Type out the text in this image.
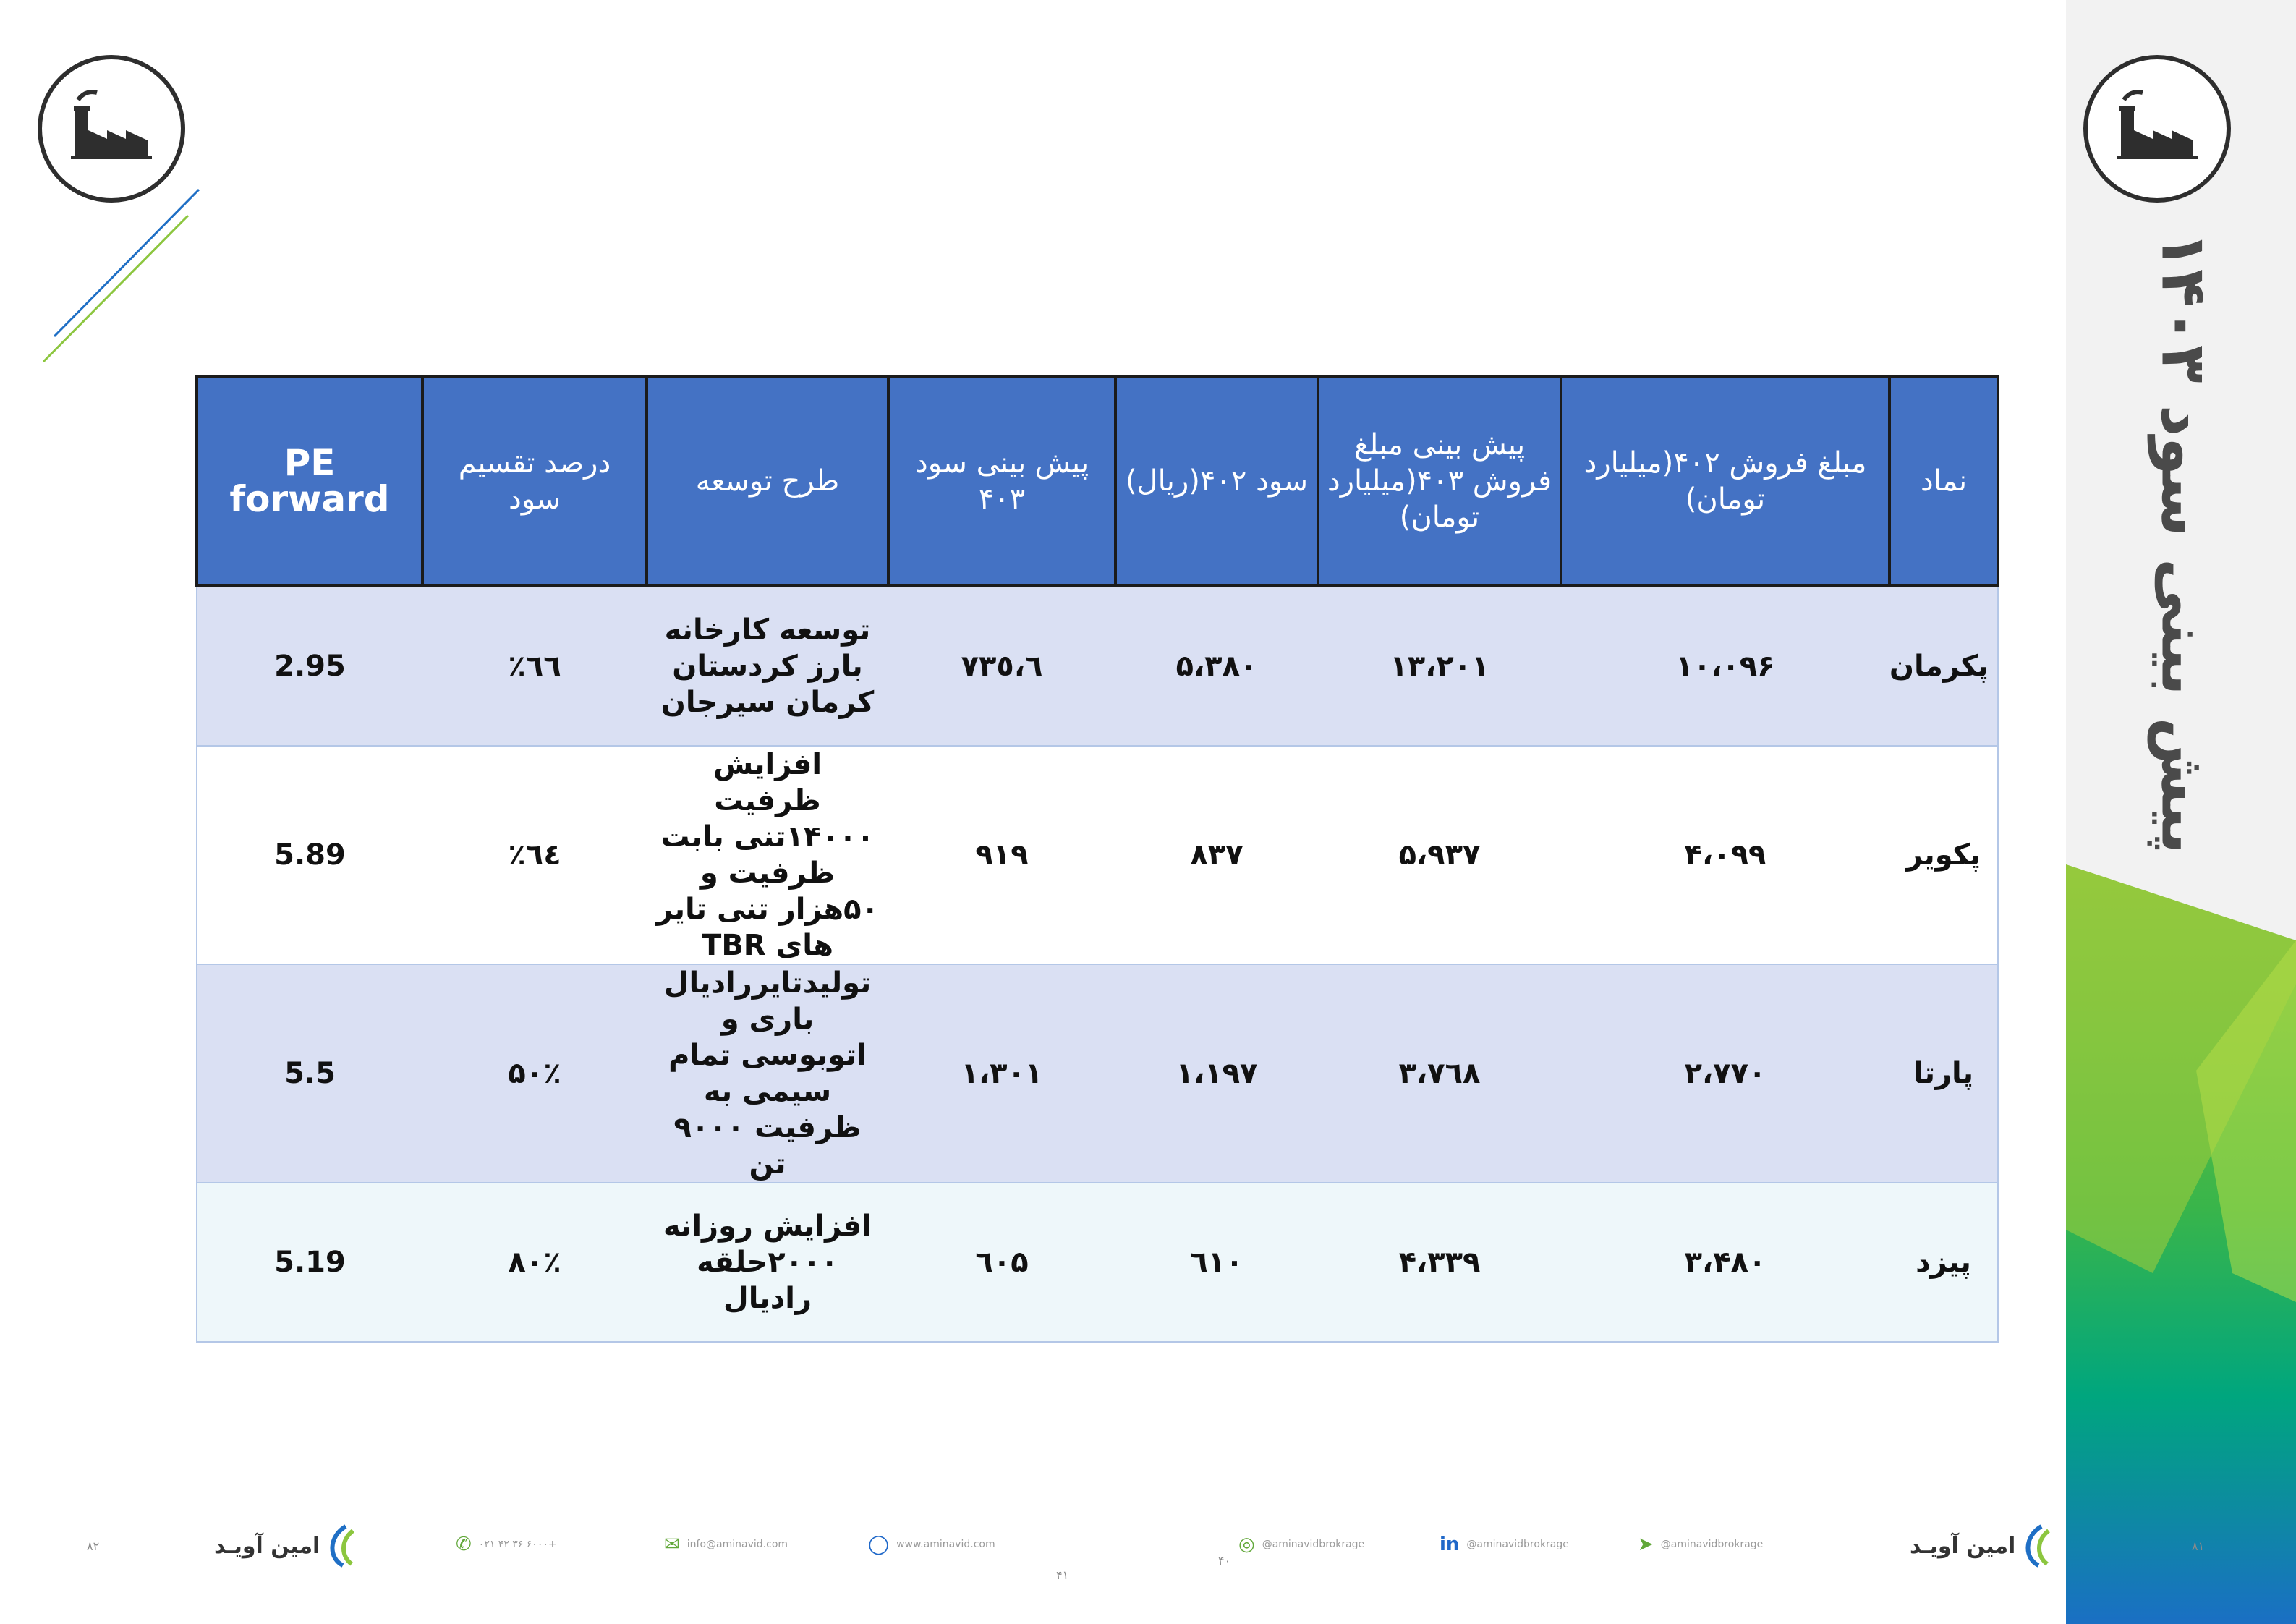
پیش بینی سود ۱۴۰۳
نماد	مبلغ فروش ۴۰۲(میلیارد تومان)	پیش بینی مبلغ فروش ۴۰۳(میلیارد تومان)	سود ۴۰۲(ریال)	پیش بینی سود ۴۰۳	طرح توسعه	درصد تقسیم سود	PE forward
پکرمان	۱۰،۰۹۶	۱۳،۲۰۱	۵،۳۸۰	٦،۷۳٥	توسعه کارخانه بارز کردستان کرمان سیرجان	٦٦٪	2.95
پکویر	۴،۰۹۹	۵،۹۳۷	۸۳۷	۹۱۹	افزایش ظرفیت ۱۴۰۰۰تنی بابت ظرفیت و ۵۰هزار تنی تایر های TBR	٦٤٪	5.89
پارتا	۲،۷۷۰	۳،۷٦۸	۱،۱۹۷	۱،۳۰۱	تولیدتایررادیال باری و اتوبوسی تمام سیمی به ظرفیت ۹۰۰۰ تن	۵۰٪	5.5
پیزد	۳،۴۸۰	۴،۳۳۹	٦۱۰	٦۰۵	افزایش روزانه ۲۰۰۰حلقه رادیال	۸۰٪	5.19
۸۲	امین آویـد	✆ ۰۲۱ ۴۲ ۳۶ ۶۰۰۰+	✉ info@aminavid.com	◯ www.aminavid.com
۴۱
۴۰
◎ @aminavidbrokrage	in @aminavidbrokrage	➤ @aminavidbrokrage	امین آویـد	۸۱
